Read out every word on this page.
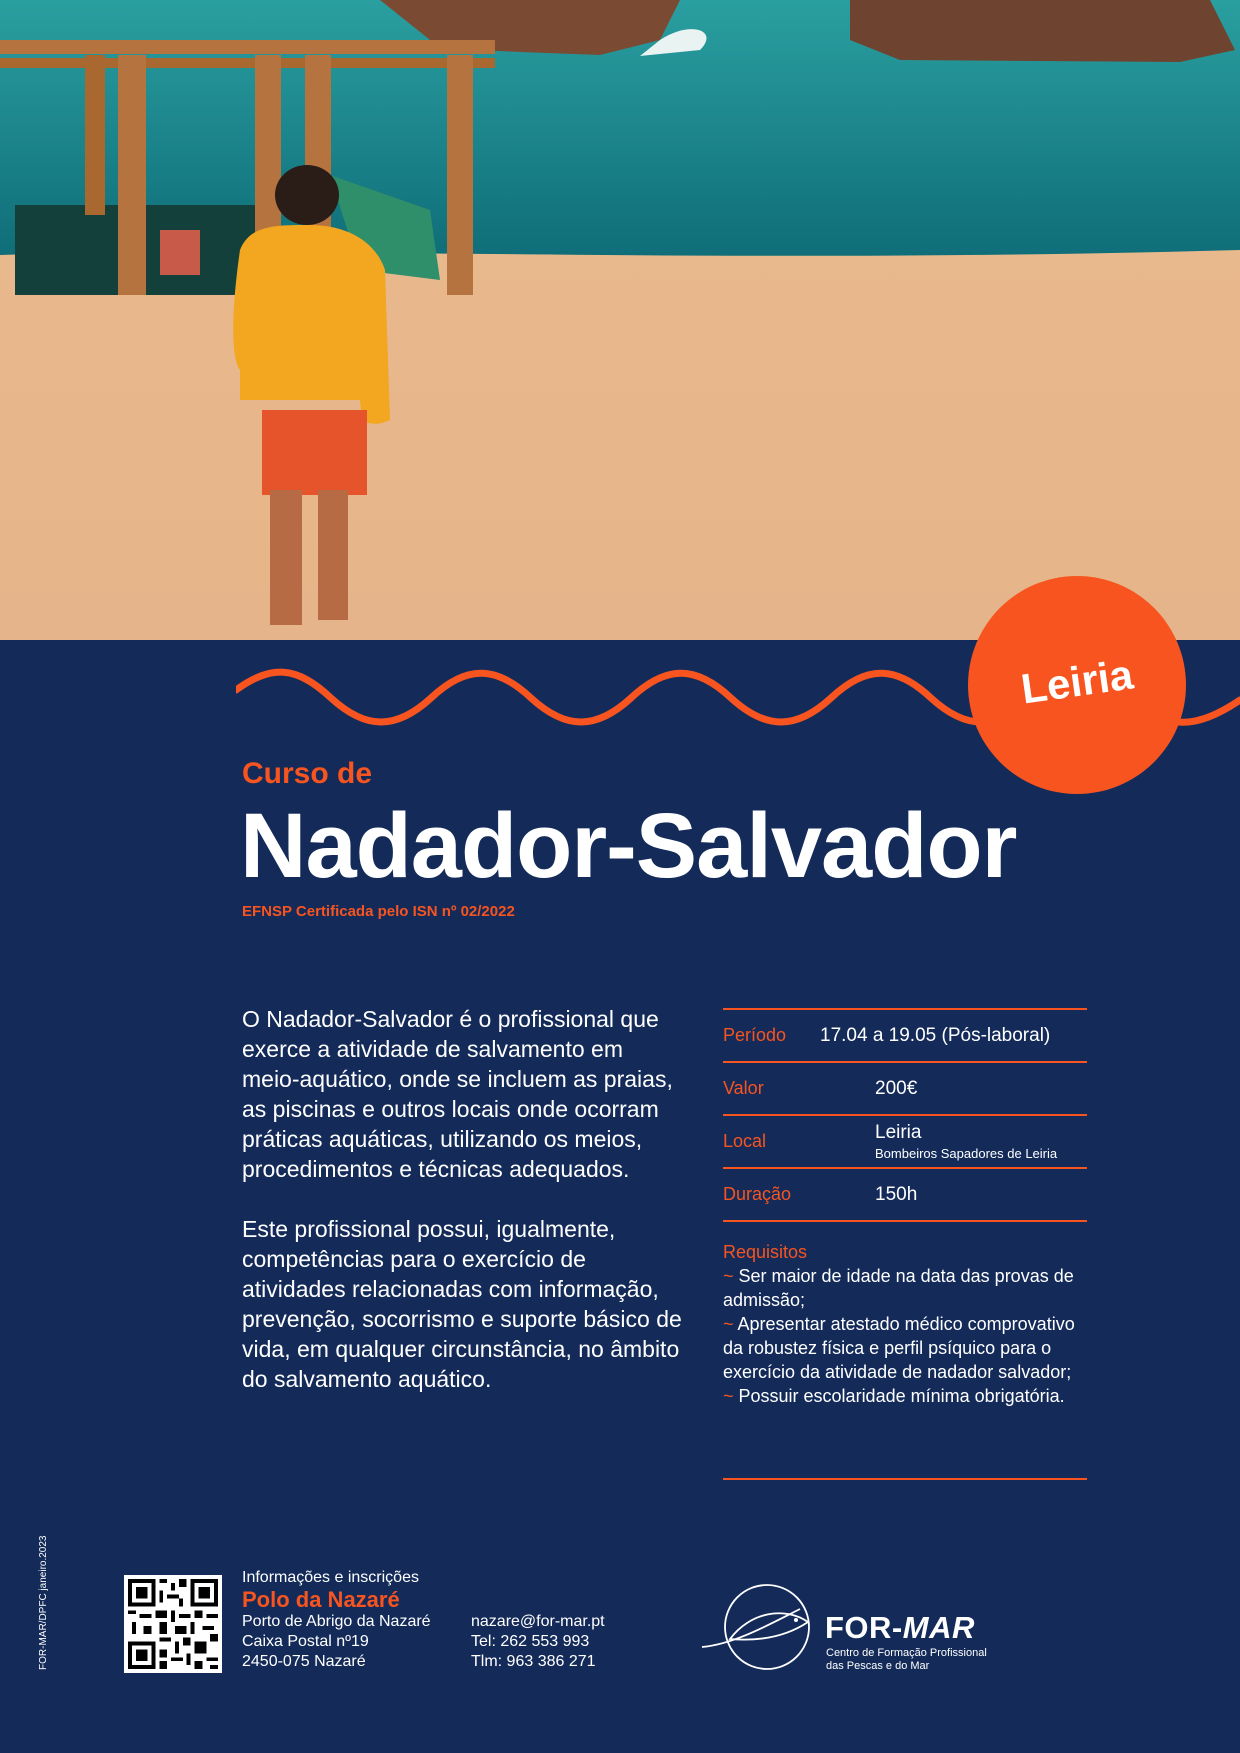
Leiria
Curso de
Nadador-Salvador
EFNSP Certificada pelo ISN nº 02/2022

O Nadador-Salvador é o profissional que exerce a atividade de salvamento em meio-aquático, onde se incluem as praias, as piscinas e outros locais onde ocorram práticas aquáticas, utilizando os meios, procedimentos e técnicas adequados.

Este profissional possui, igualmente, competências para o exercício de atividades relacionadas com informação, prevenção, socorrismo e suporte básico de vida, em qualquer circunstância, no âmbito do salvamento aquático.

Período	17.04 a 19.05 (Pós-laboral)
Valor	200€
Local	Leiria
Bombeiros Sapadores de Leiria
Duração	150h
Requisitos
~ Ser maior de idade na data das provas de admissão;
~ Apresentar atestado médico comprovativo da robustez física e perfil psíquico para o exercício da atividade de nadador salvador;
~ Possuir escolaridade mínima obrigatória.
FOR-MAR/DPFC janeiro.2023	Informações e inscrições
Polo da Nazaré
Porto de Abrigo da Nazaré
Caixa Postal nº19
2450-075 Nazaré
nazare@for-mar.pt
Tel: 262 553 993
Tlm: 963 386 271
FOR-MAR
Centro de Formação Profissional
das Pescas e do Mar
